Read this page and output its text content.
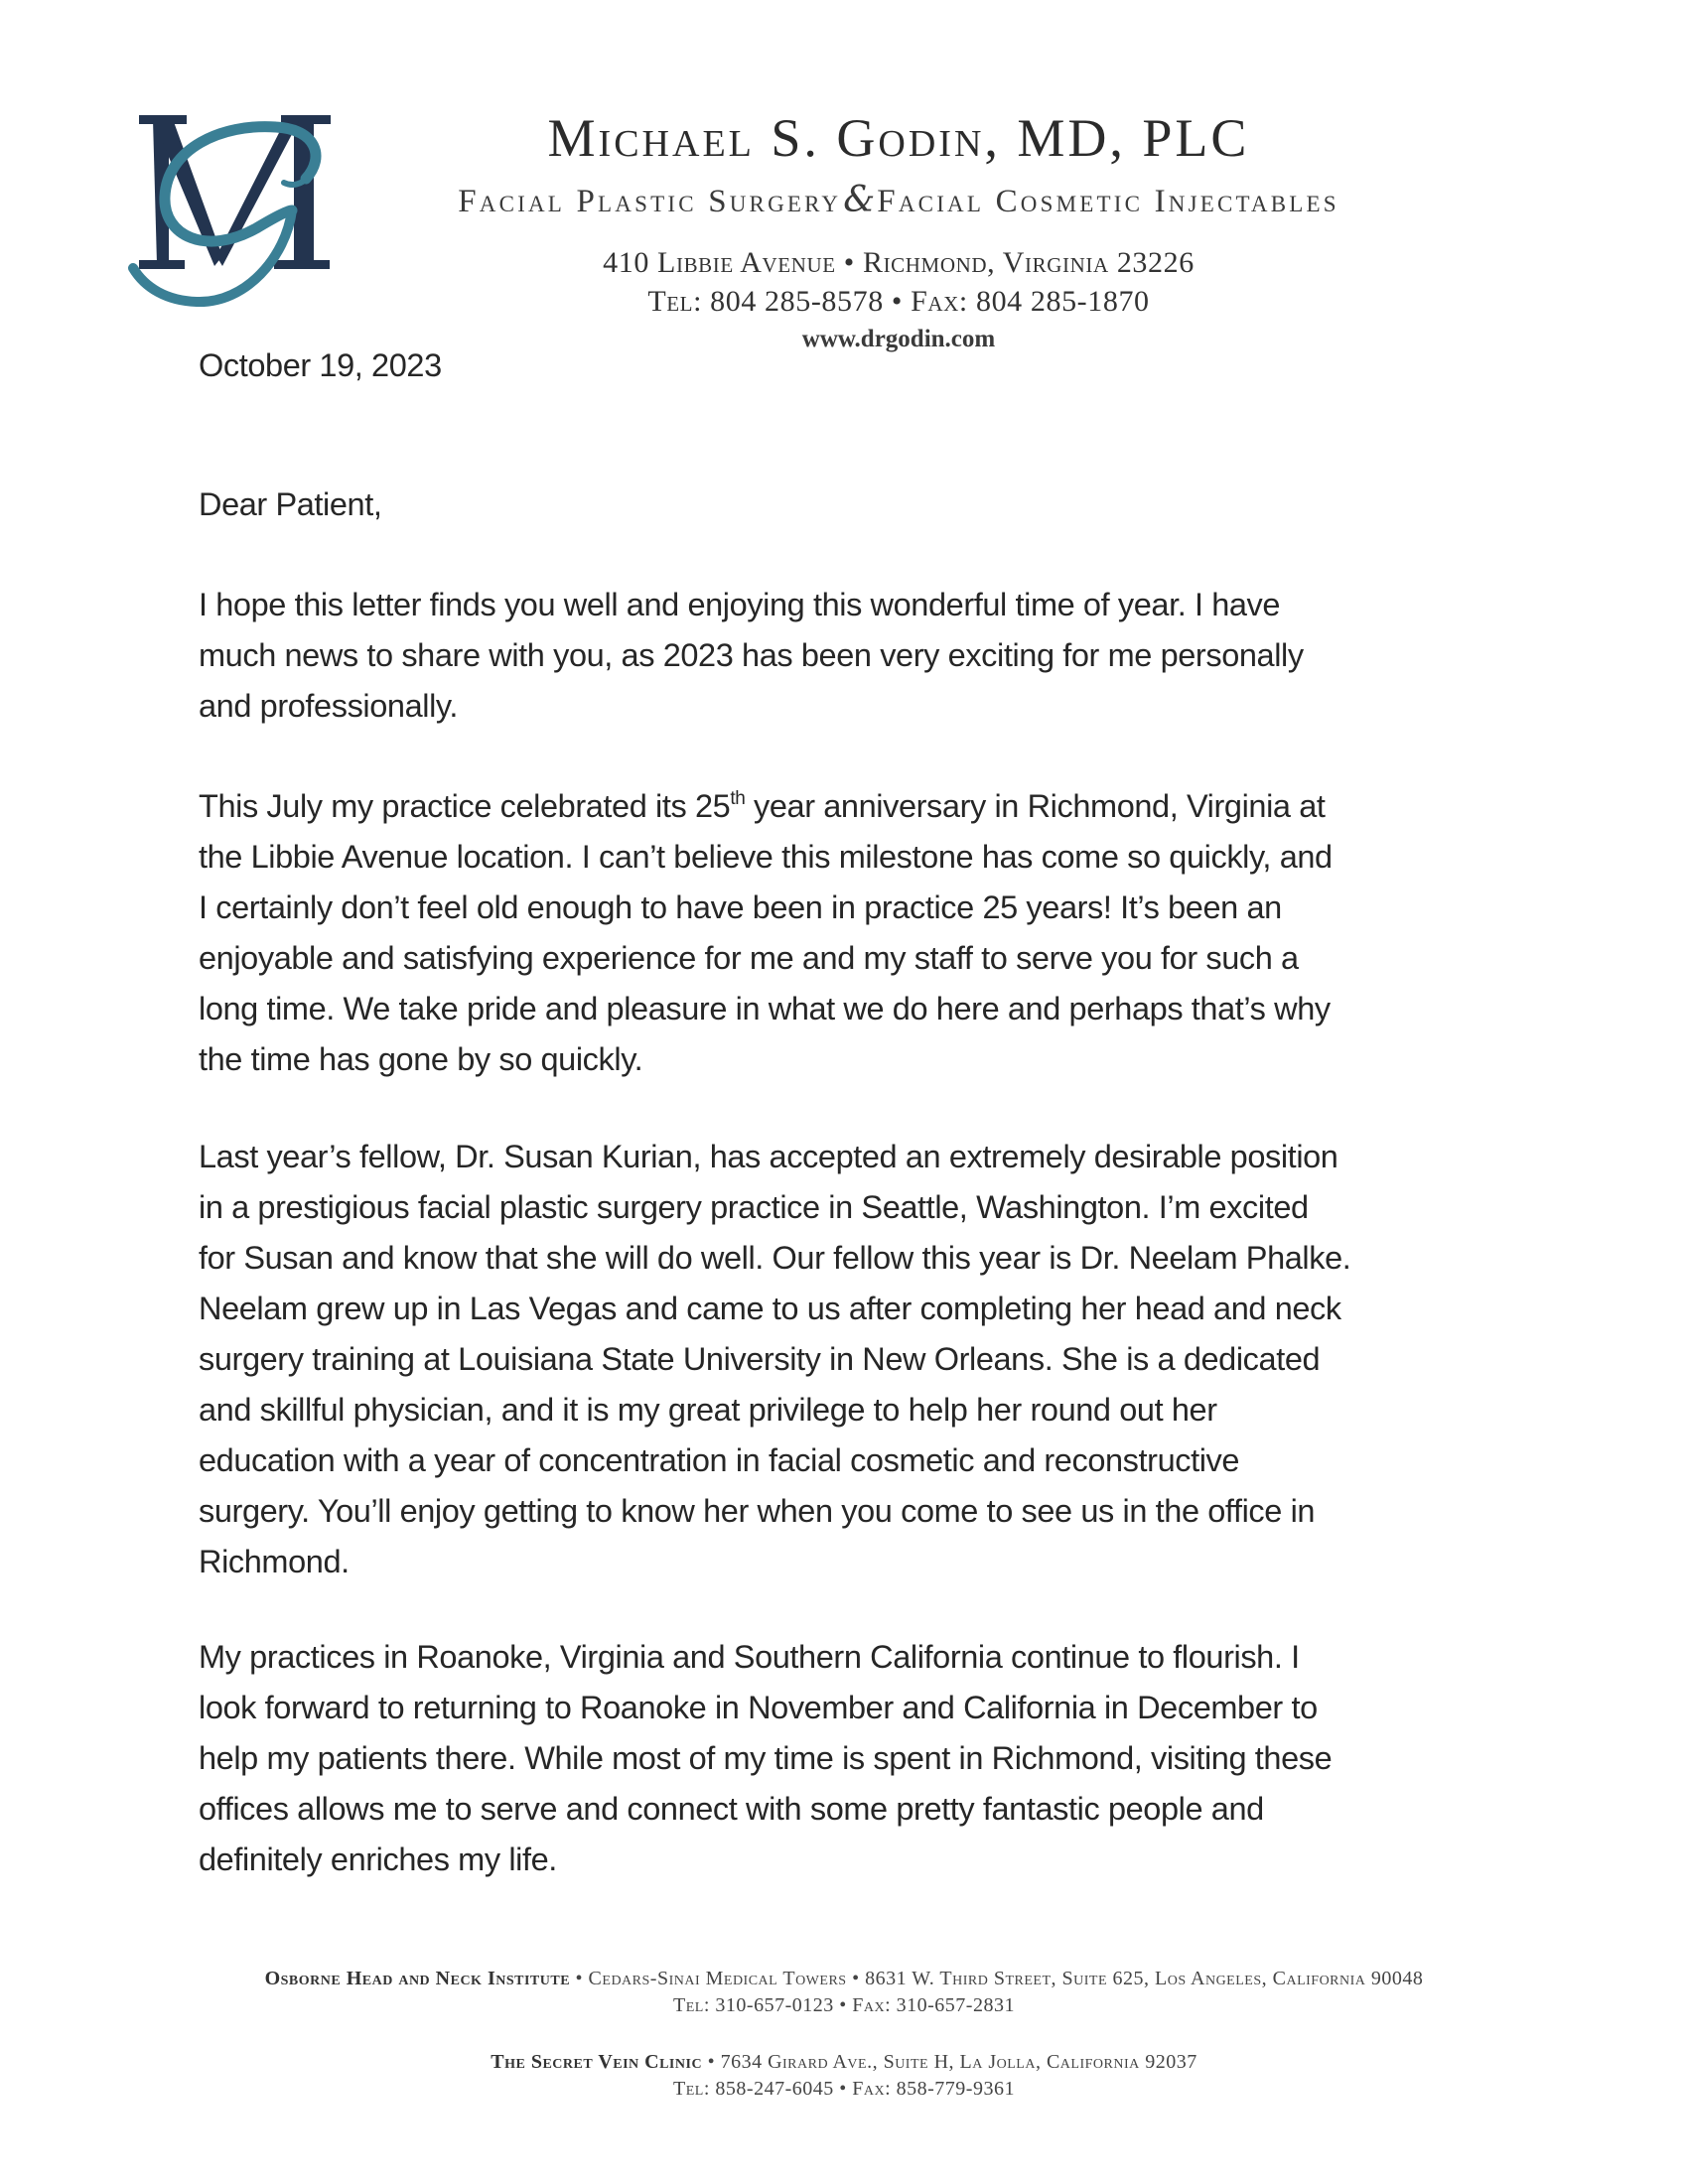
Michael S. Godin, MD, PLC
Facial Plastic Surgery&Facial Cosmetic Injectables
410 Libbie Avenue • Richmond, Virginia 23226
Tel: 804 285-8578 • Fax: 804 285-1870
www.drgodin.com
October 19, 2023
Dear Patient,
I hope this letter finds you well and enjoying this wonderful time of year. I have
much news to share with you, as 2023 has been very exciting for me personally
and professionally.
This July my practice celebrated its 25th year anniversary in Richmond, Virginia at
the Libbie Avenue location. I can’t believe this milestone has come so quickly, and
I certainly don’t feel old enough to have been in practice 25 years! It’s been an
enjoyable and satisfying experience for me and my staff to serve you for such a
long time. We take pride and pleasure in what we do here and perhaps that’s why
the time has gone by so quickly.
Last year’s fellow, Dr. Susan Kurian, has accepted an extremely desirable position
in a prestigious facial plastic surgery practice in Seattle, Washington. I’m excited
for Susan and know that she will do well. Our fellow this year is Dr. Neelam Phalke.
Neelam grew up in Las Vegas and came to us after completing her head and neck
surgery training at Louisiana State University in New Orleans. She is a dedicated
and skillful physician, and it is my great privilege to help her round out her
education with a year of concentration in facial cosmetic and reconstructive
surgery. You’ll enjoy getting to know her when you come to see us in the office in
Richmond.
My practices in Roanoke, Virginia and Southern California continue to flourish. I
look forward to returning to Roanoke in November and California in December to
help my patients there. While most of my time is spent in Richmond, visiting these
offices allows me to serve and connect with some pretty fantastic people and
definitely enriches my life.
Osborne Head and Neck Institute • Cedars-Sinai Medical Towers • 8631 W. Third Street, Suite 625, Los Angeles, California 90048
Tel: 310-657-0123 • Fax: 310-657-2831
The Secret Vein Clinic • 7634 Girard Ave., Suite H, La Jolla, California 92037
Tel: 858-247-6045 • Fax: 858-779-9361
